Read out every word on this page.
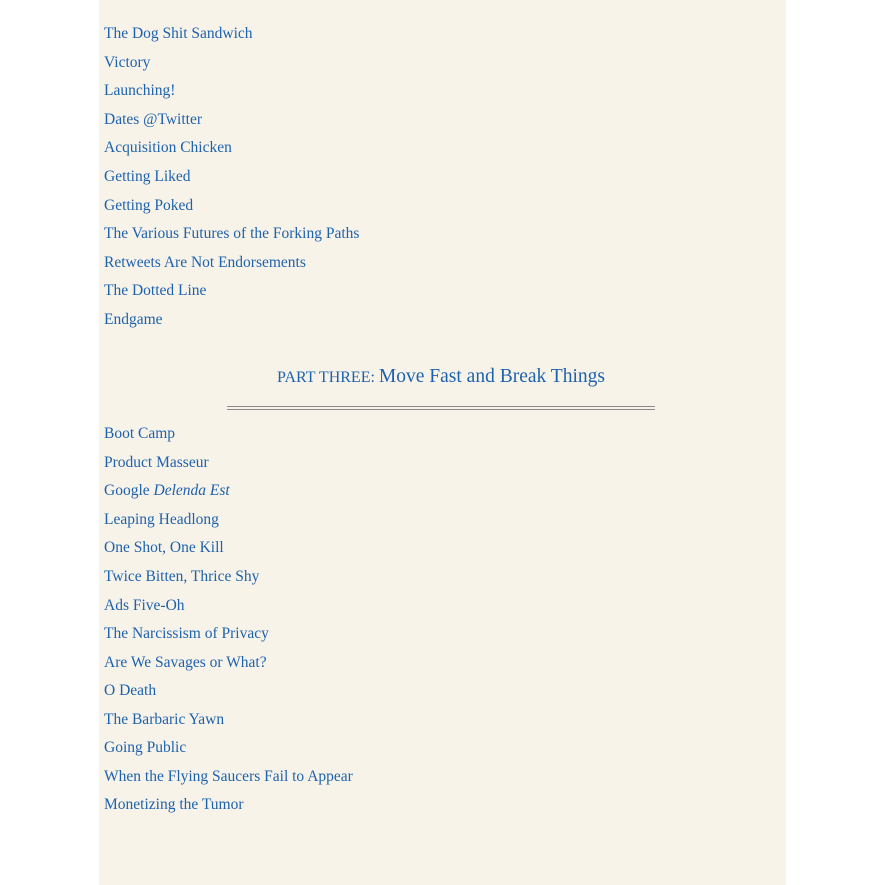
The Dog Shit Sandwich
Victory
Launching!
Dates @Twitter
Acquisition Chicken
Getting Liked
Getting Poked
The Various Futures of the Forking Paths
Retweets Are Not Endorsements
The Dotted Line
Endgame
PART THREE: Move Fast and Break Things
Boot Camp
Product Masseur
Google Delenda Est
Leaping Headlong
One Shot, One Kill
Twice Bitten, Thrice Shy
Ads Five-Oh
The Narcissism of Privacy
Are We Savages or What?
O Death
The Barbaric Yawn
Going Public
When the Flying Saucers Fail to Appear
Monetizing the Tumor
